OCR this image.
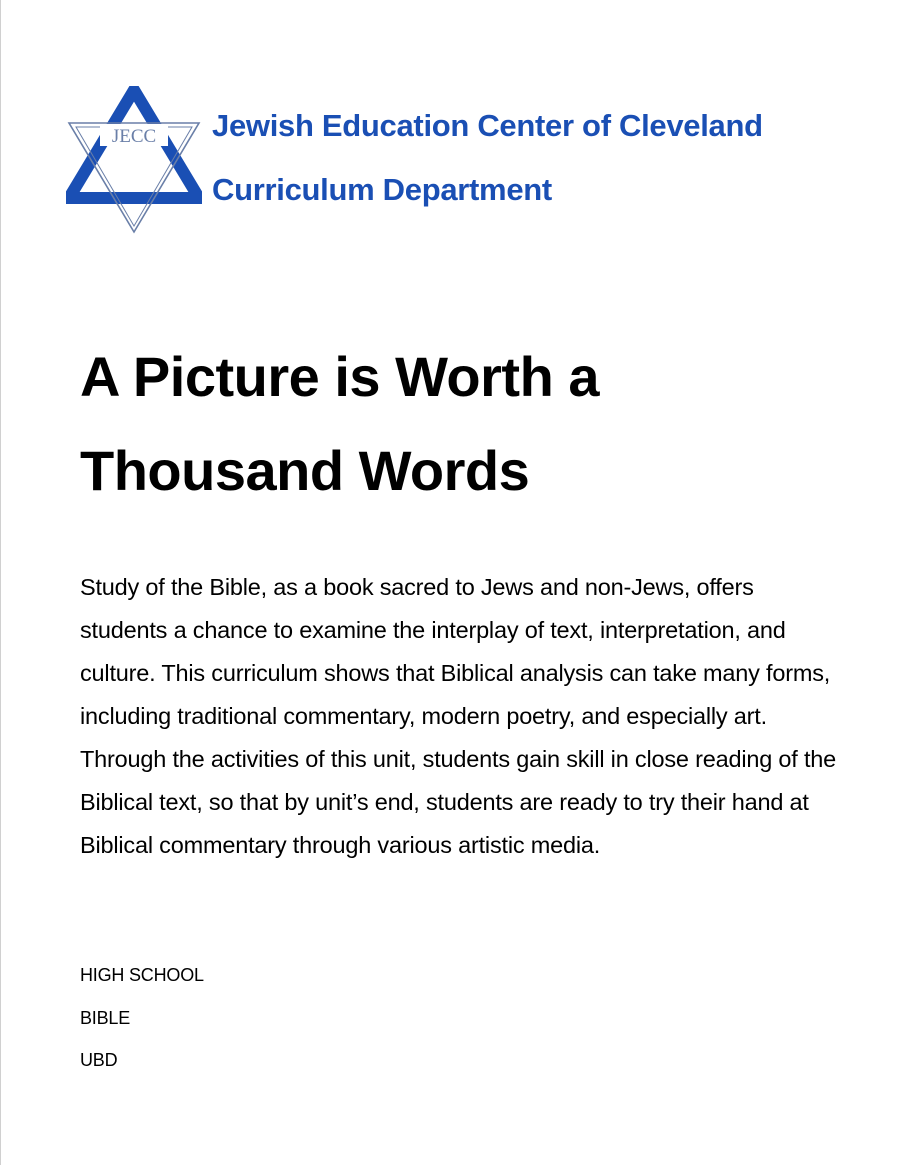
JECC Jewish Education Center of Cleveland

Curriculum Department

A Picture is Worth a Thousand Words

Study of the Bible, as a book sacred to Jews and non-Jews, offers students a chance to examine the interplay of text, interpretation, and culture. This curriculum shows that Biblical analysis can take many forms, including traditional commentary, modern poetry, and especially art. Through the activities of this unit, students gain skill in close reading of the Biblical text, so that by unit’s end, students are ready to try their hand at Biblical commentary through various artistic media.

HIGH SCHOOL

BIBLE

UBD
